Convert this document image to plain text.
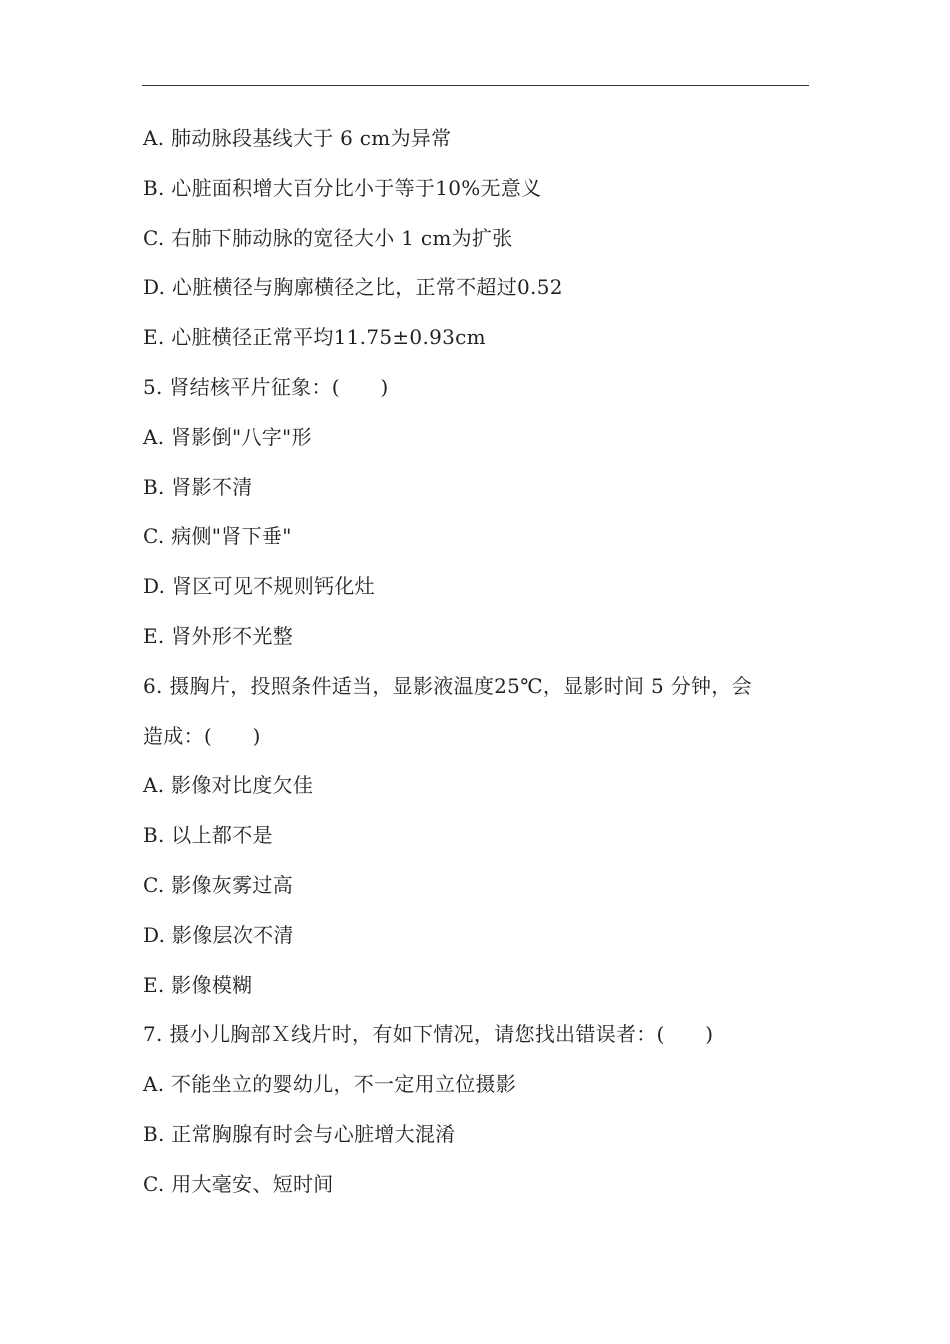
A. 肺动脉段基线大于 6 cm为异常
B. 心脏面积增大百分比小于等于10%无意义
C. 右肺下肺动脉的宽径大小 1 cm为扩张
D. 心脏横径与胸廓横径之比，正常不超过0.52
E. 心脏横径正常平均11.75±0.93cm
5. 肾结核平片征象：(　　)
A. 肾影倒"八字"形
B. 肾影不清
C. 病侧"肾下垂"
D. 肾区可见不规则钙化灶
E. 肾外形不光整
6. 摄胸片，投照条件适当，显影液温度25℃，显影时间 5 分钟，会
造成：(　　)
A. 影像对比度欠佳
B. 以上都不是
C. 影像灰雾过高
D. 影像层次不清
E. 影像模糊
7. 摄小儿胸部Ｘ线片时，有如下情况，请您找出错误者：(　　)
A. 不能坐立的婴幼儿，不一定用立位摄影
B. 正常胸腺有时会与心脏增大混淆
C. 用大毫安、短时间
